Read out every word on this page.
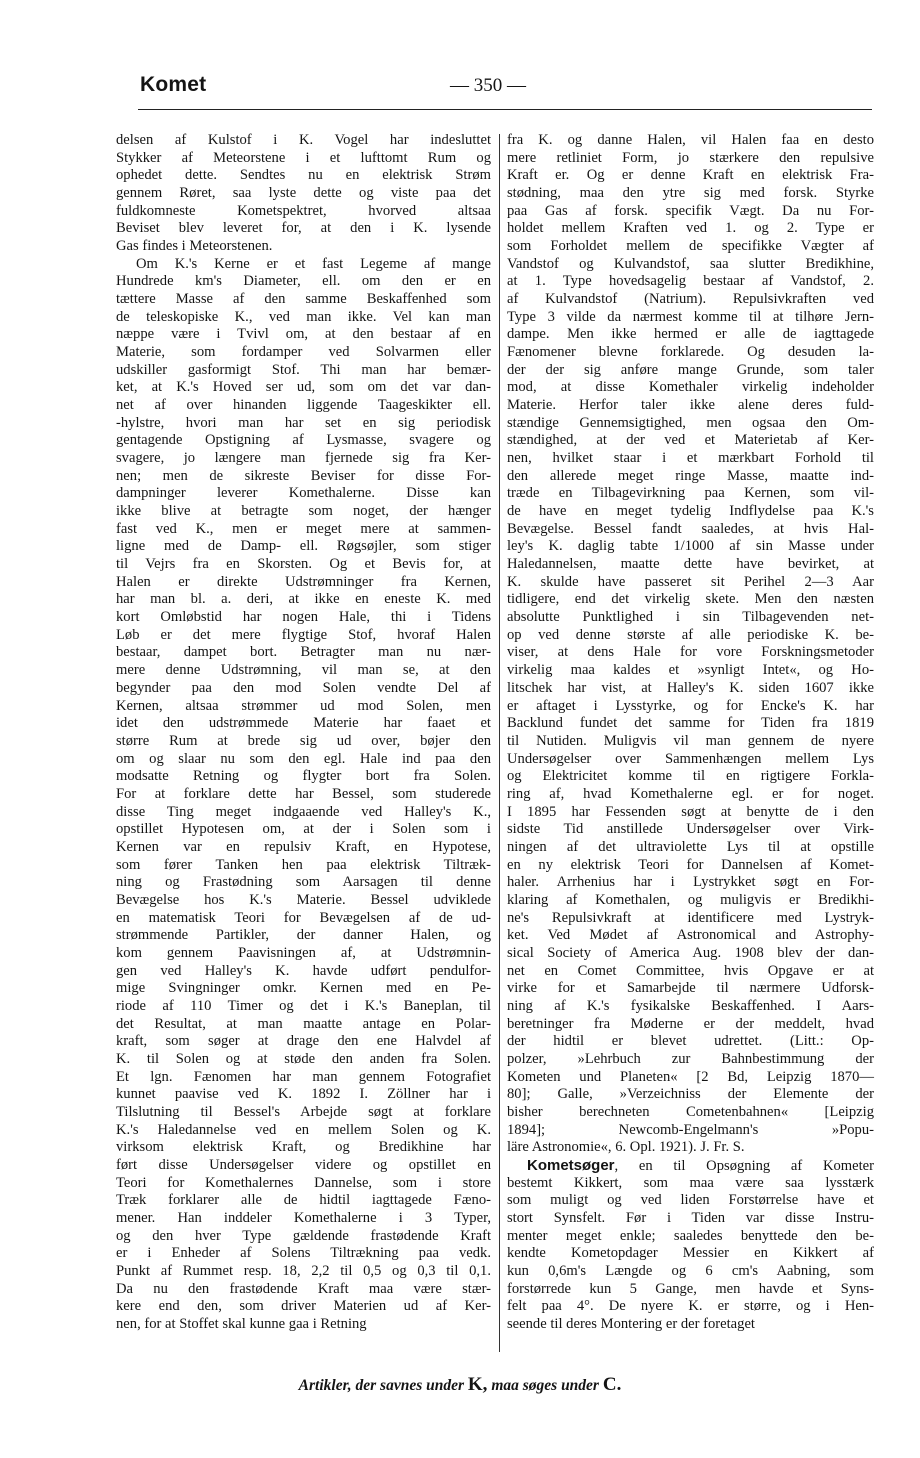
Komet	— 350 —
delsen af Kulstof i K. Vogel har indesluttet
Stykker af Meteorstene i et lufttomt Rum og
ophedet dette. Sendtes nu en elektrisk Strøm
gennem Røret, saa lyste dette og viste paa det
fuldkomneste Kometspektret, hvorved altsaa
Beviset blev leveret for, at den i K. lysende
Gas findes i Meteorstenen.
Om K.'s Kerne er et fast Legeme af mange
Hundrede km's Diameter, ell. om den er en
tættere Masse af den samme Beskaffenhed som
de teleskopiske K., ved man ikke. Vel kan man
næppe være i Tvivl om, at den bestaar af en
Materie, som fordamper ved Solvarmen eller
udskiller gasformigt Stof. Thi man har bemær-
ket, at K.'s Hoved ser ud, som om det var dan-
net af over hinanden liggende Taageskikter ell.
-hylstre, hvori man har set en sig periodisk
gentagende Opstigning af Lysmasse, svagere og
svagere, jo længere man fjernede sig fra Ker-
nen; men de sikreste Beviser for disse For-
dampninger leverer Komethalerne. Disse kan
ikke blive at betragte som noget, der hænger
fast ved K., men er meget mere at sammen-
ligne med de Damp- ell. Røgsøjler, som stiger
til Vejrs fra en Skorsten. Og et Bevis for, at
Halen er direkte Udstrømninger fra Kernen,
har man bl. a. deri, at ikke en eneste K. med
kort Omløbstid har nogen Hale, thi i Tidens
Løb er det mere flygtige Stof, hvoraf Halen
bestaar, dampet bort. Betragter man nu nær-
mere denne Udstrømning, vil man se, at den
begynder paa den mod Solen vendte Del af
Kernen, altsaa strømmer ud mod Solen, men
idet den udstrømmede Materie har faaet et
større Rum at brede sig ud over, bøjer den
om og slaar nu som den egl. Hale ind paa den
modsatte Retning og flygter bort fra Solen.
For at forklare dette har Bessel, som studerede
disse Ting meget indgaaende ved Halley's K.,
opstillet Hypotesen om, at der i Solen som i
Kernen var en repulsiv Kraft, en Hypotese,
som fører Tanken hen paa elektrisk Tiltræk-
ning og Frastødning som Aarsagen til denne
Bevægelse hos K.'s Materie. Bessel udviklede
en matematisk Teori for Bevægelsen af de ud-
strømmende Partikler, der danner Halen, og
kom gennem Paavisningen af, at Udstrømnin-
gen ved Halley's K. havde udført pendulfor-
mige Svingninger omkr. Kernen med en Pe-
riode af 110 Timer og det i K.'s Baneplan, til
det Resultat, at man maatte antage en Polar-
kraft, som søger at drage den ene Halvdel af
K. til Solen og at støde den anden fra Solen.
Et lgn. Fænomen har man gennem Fotografiet
kunnet paavise ved K. 1892 I. Zöllner har i
Tilslutning til Bessel's Arbejde søgt at forklare
K.'s Haledannelse ved en mellem Solen og K.
virksom elektrisk Kraft, og Bredikhine har
ført disse Undersøgelser videre og opstillet en
Teori for Komethalernes Dannelse, som i store
Træk forklarer alle de hidtil iagttagede Fæno-
mener. Han inddeler Komethalerne i 3 Typer,
og den hver Type gældende frastødende Kraft
er i Enheder af Solens Tiltrækning paa vedk.
Punkt af Rummet resp. 18, 2,2 til 0,5 og 0,3 til 0,1.
Da nu den frastødende Kraft maa være stær-
kere end den, som driver Materien ud af Ker-
nen, for at Stoffet skal kunne gaa i Retning
fra K. og danne Halen, vil Halen faa en desto
mere retliniet Form, jo stærkere den repulsive
Kraft er. Og er denne Kraft en elektrisk Fra-
stødning, maa den ytre sig med forsk. Styrke
paa Gas af forsk. specifik Vægt. Da nu For-
holdet mellem Kraften ved 1. og 2. Type er
som Forholdet mellem de specifikke Vægter af
Vandstof og Kulvandstof, saa slutter Bredikhine,
at 1. Type hovedsagelig bestaar af Vandstof, 2.
af Kulvandstof (Natrium). Repulsivkraften ved
Type 3 vilde da nærmest komme til at tilhøre Jern-
dampe. Men ikke hermed er alle de iagttagede
Fænomener blevne forklarede. Og desuden la-
der der sig anføre mange Grunde, som taler
mod, at disse Komethaler virkelig indeholder
Materie. Herfor taler ikke alene deres fuld-
stændige Gennemsigtighed, men ogsaa den Om-
stændighed, at der ved et Materietab af Ker-
nen, hvilket staar i et mærkbart Forhold til
den allerede meget ringe Masse, maatte ind-
træde en Tilbagevirkning paa Kernen, som vil-
de have en meget tydelig Indflydelse paa K.'s
Bevægelse. Bessel fandt saaledes, at hvis Hal-
ley's K. daglig tabte 1/1000 af sin Masse under
Haledannelsen, maatte dette have bevirket, at
K. skulde have passeret sit Perihel 2—3 Aar
tidligere, end det virkelig skete. Men den næsten
absolutte Punktlighed i sin Tilbagevenden net-
op ved denne største af alle periodiske K. be-
viser, at dens Hale for vore Forskningsmetoder
virkelig maa kaldes et »synligt Intet«, og Ho-
litschek har vist, at Halley's K. siden 1607 ikke
er aftaget i Lysstyrke, og for Encke's K. har
Backlund fundet det samme for Tiden fra 1819
til Nutiden. Muligvis vil man gennem de nyere
Undersøgelser over Sammenhængen mellem Lys
og Elektricitet komme til en rigtigere Forkla-
ring af, hvad Komethalerne egl. er for noget.
I 1895 har Fessenden søgt at benytte de i den
sidste Tid anstillede Undersøgelser over Virk-
ningen af det ultraviolette Lys til at opstille
en ny elektrisk Teori for Dannelsen af Komet-
haler. Arrhenius har i Lystrykket søgt en For-
klaring af Komethalen, og muligvis er Bredikhi-
ne's Repulsivkraft at identificere med Lystryk-
ket. Ved Mødet af Astronomical and Astrophy-
sical Society of America Aug. 1908 blev der dan-
net en Comet Committee, hvis Opgave er at
virke for et Samarbejde til nærmere Udforsk-
ning af K.'s fysikalske Beskaffenhed. I Aars-
beretninger fra Møderne er der meddelt, hvad
der hidtil er blevet udrettet. (Litt.: Op-
polzer, »Lehrbuch zur Bahnbestimmung der
Kometen und Planeten« [2 Bd, Leipzig 1870—
80]; Galle, »Verzeichniss der Elemente der
bisher berechneten Cometenbahnen« [Leipzig
1894]; Newcomb-Engelmann's »Popu-
läre Astronomie«, 6. Opl. 1921). J. Fr. S.
Kometsøger, en til Opsøgning af Kometer
bestemt Kikkert, som maa være saa lysstærk
som muligt og ved liden Forstørrelse have et
stort Synsfelt. Før i Tiden var disse Instru-
menter meget enkle; saaledes benyttede den be-
kendte Kometopdager Messier en Kikkert af
kun 0,6m's Længde og 6 cm's Aabning, som
forstørrede kun 5 Gange, men havde et Syns-
felt paa 4°. De nyere K. er større, og i Hen-
seende til deres Montering er der foretaget
Artikler, der savnes under K, maa søges under C.
